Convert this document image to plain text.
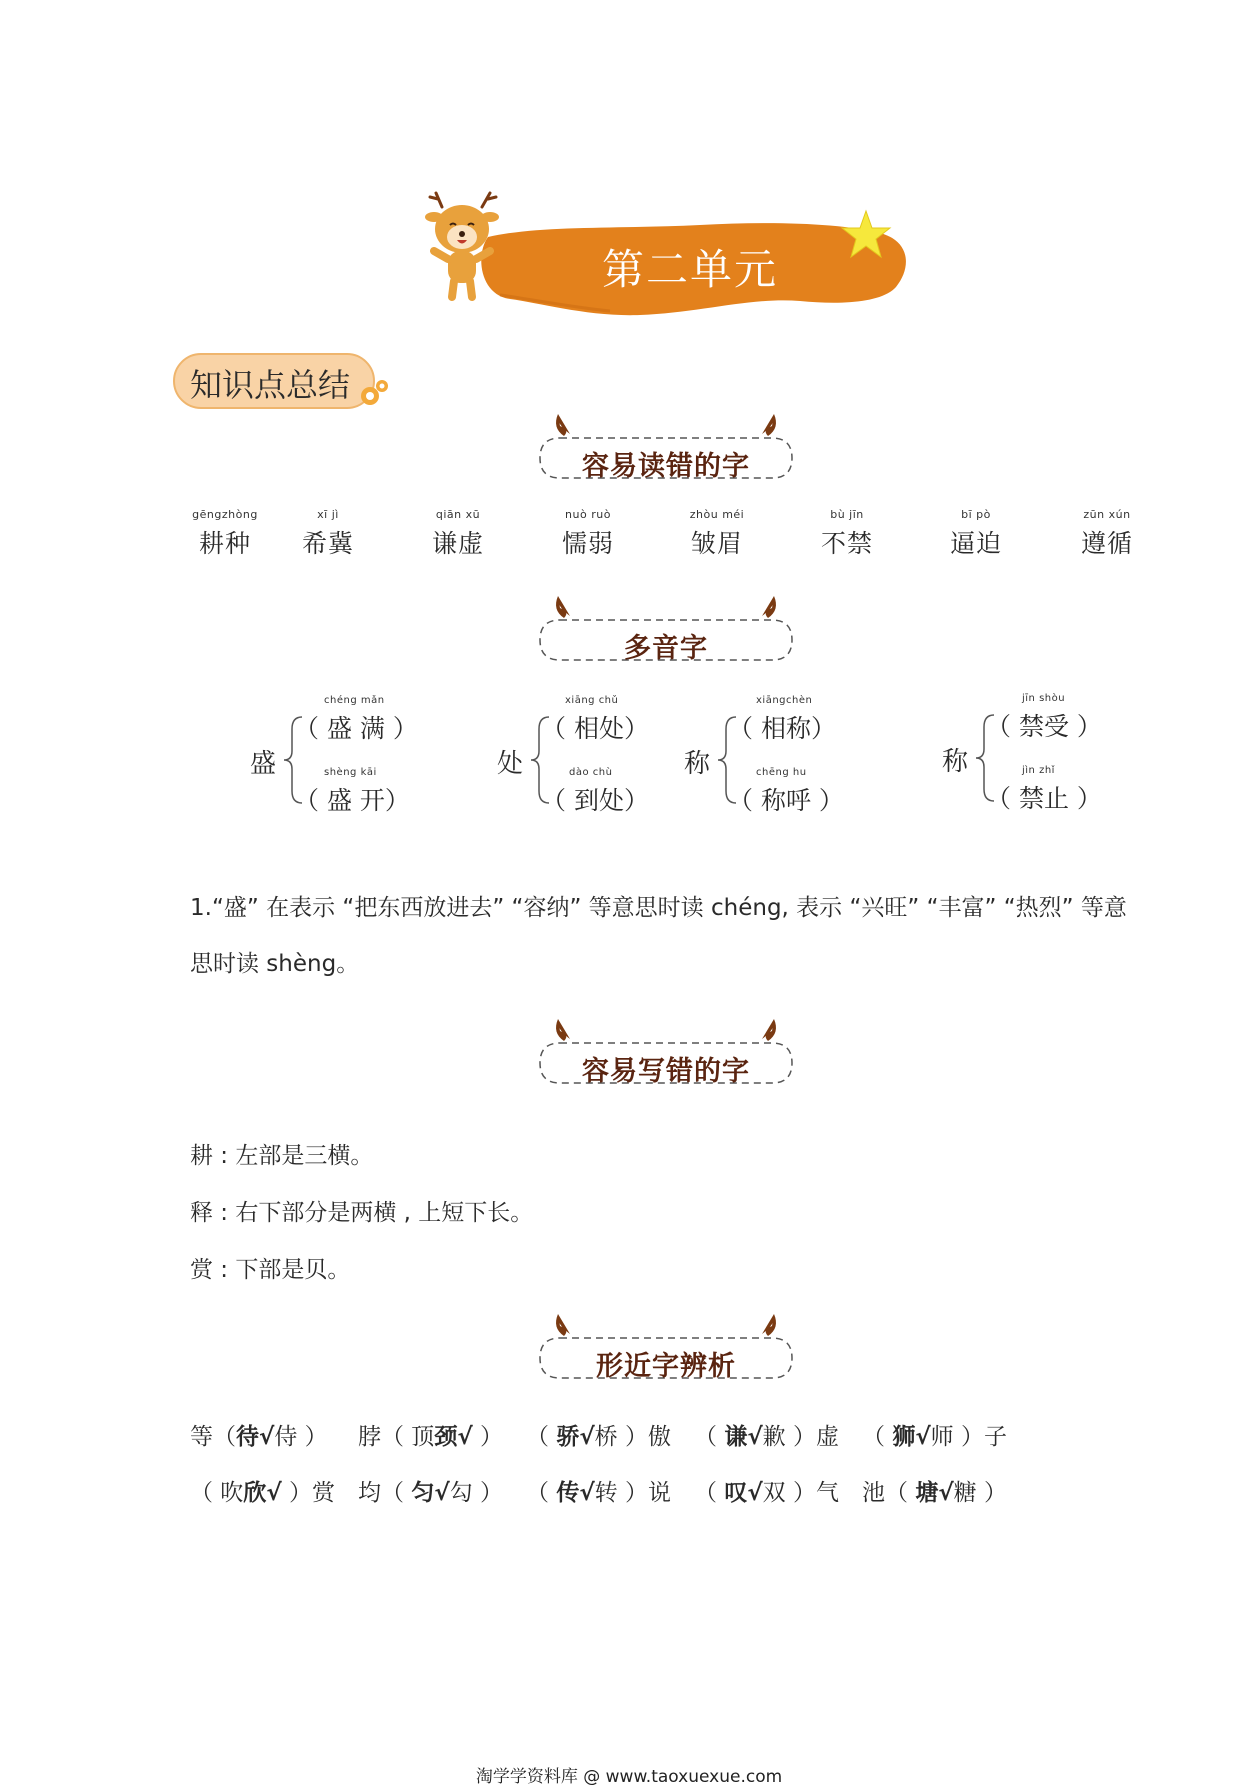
第二单元
知识点总结
容易读错的字
gēngzhòng
耕种
xī jì
希冀
qiān xū
谦虚
nuò ruò
懦弱
zhòu méi
皱眉
bù jīn
不禁
bī pò
逼迫
zūn xún
遵循
多音字
盛
chéng mǎn
（ 盛 满 ）
shèng kāi
（ 盛 开）
处
xiāng chǔ
（ 相处）
dào chù
（ 到处）
称
xiāngchèn
（ 相称）
chēng hu
（ 称呼 ）
称
jīn shòu
（ 禁受 ）
jìn zhǐ
（ 禁止 ）
1.“盛” 在表示 “把东西放进去” “容纳” 等意思时读 chéng, 表示 “兴旺” “丰富” “热烈” 等意思时读 shèng。
容易写错的字
耕 : 左部是三横。
释 : 右下部分是两横 , 上短下长。
赏 : 下部是贝。
形近字辨析
等（待√侍 ） 脖（ 顶颈√ ） （ 骄√桥 ）傲 （ 谦√歉 ）虚 （ 狮√师 ）子
（ 吹欣√ ）赏 均（ 匀√勾 ） （ 传√转 ）说 （ 叹√双 ）气 池（ 塘√糖 ）
淘学学资料库 @ www.taoxuexue.com
